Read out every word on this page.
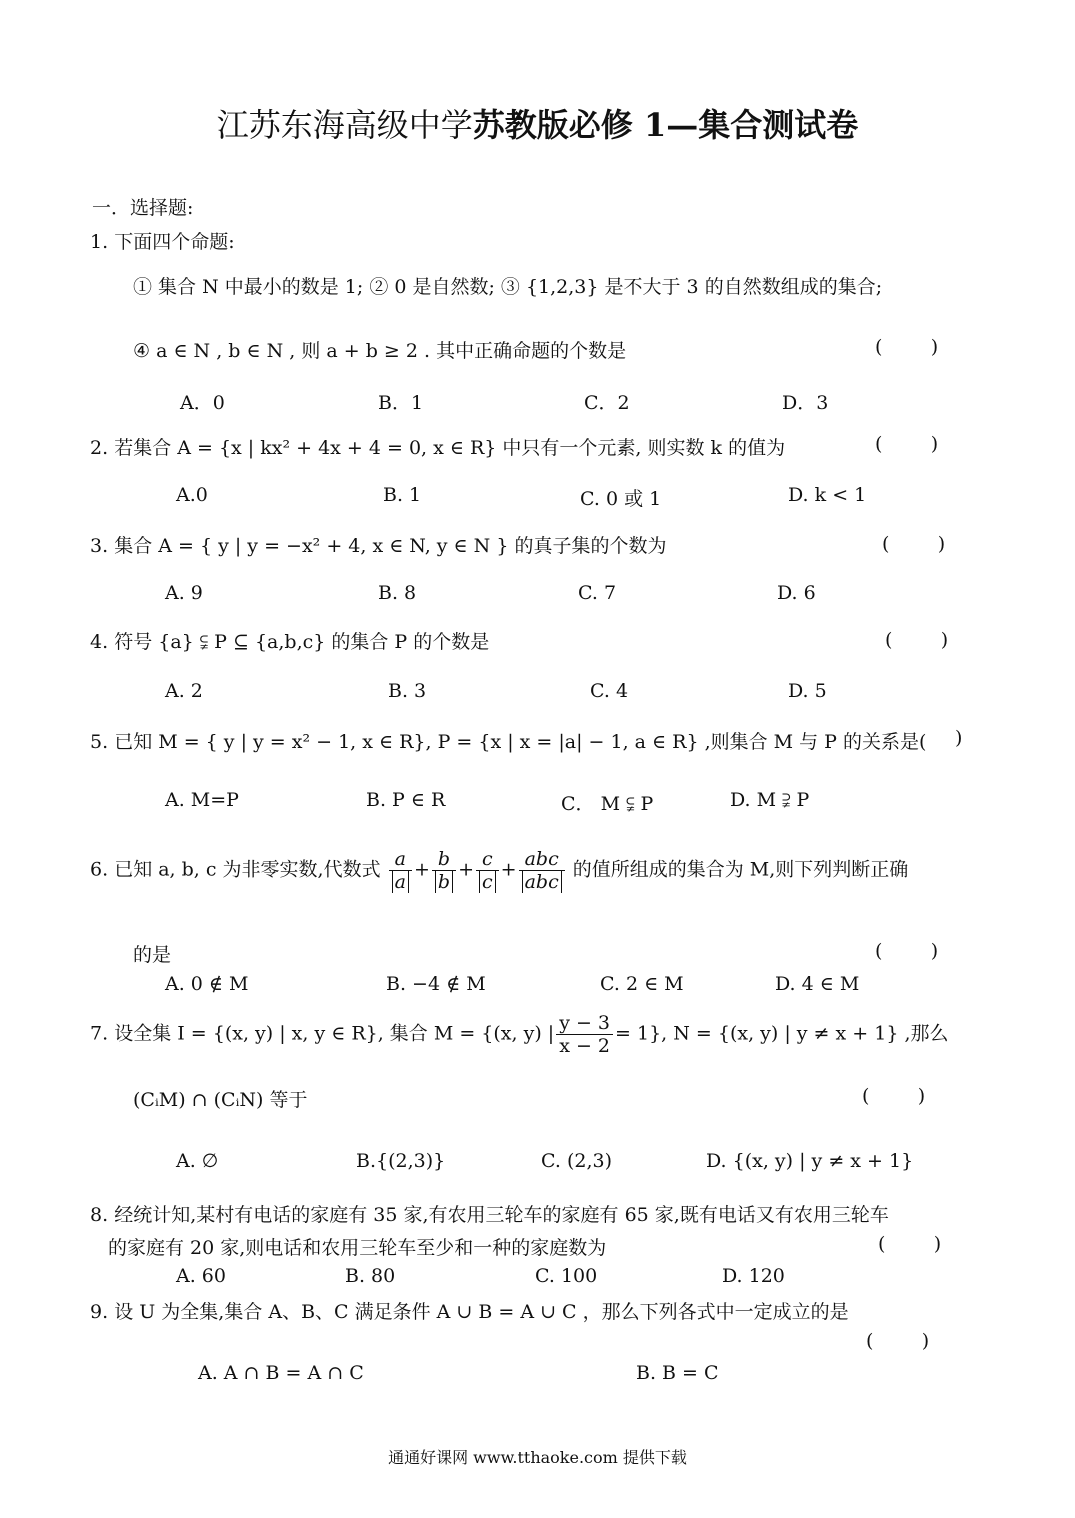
江苏东海高级中学苏教版必修 1—集合测试卷
一．选择题:
1. 下面四个命题:
① 集合 N 中最小的数是 1; ② 0 是自然数; ③ {1,2,3} 是不大于 3 的自然数组成的集合;
④ a ∈ N , b ∈ N , 则 a + b ≥ 2 . 其中正确命题的个数是	(        )
A．0	B．1	C．2	D．3
2. 若集合 A = {x | kx² + 4x + 4 = 0, x ∈ R} 中只有一个元素, 则实数 k 的值为	(        )
A.0	B. 1	C. 0 或 1	D. k < 1
3. 集合 A = { y | y = −x² + 4, x ∈ N, y ∈ N } 的真子集的个数为	(        )
A. 9	B. 8	C. 7	D. 6
4. 符号 {a} ⫋ P ⊆ {a,b,c} 的集合 P 的个数是	(        )
A. 2	B. 3	C. 4	D. 5
5. 已知 M = { y | y = x² − 1, x ∈ R}, P = {x | x = |a| − 1, a ∈ R} ,则集合 M 与 P 的关系是( )
A. M=P	B. P ∈ R	C． M ⫋ P	D. M ⫌ P
6. 已知 a, b, c 为非零实数,代数式 $\frac{a}{a} + \frac{b}{b} + \frac{c}{c} + \frac{\text{abc}}{\text{abc}}$ 的值所组成的集合为 M,则下列判断正确
的是	(        )
A. 0 ∉ M	B. −4 ∉ M	C. 2 ∈ M	D. 4 ∈ M
7. 设全集 I = {(x, y) | x, y ∈ R}, 集合 M = {(x, y) | $\frac{y - 3}{x - 2} = 1$}, N = {(x, y) | y ≠ x + 1} ,那么
(CᵢM) ∩ (CᵢN) 等于	(        )
A. ∅	B.{(2,3)}	C. (2,3)	D. {(x, y) | y ≠ x + 1}
8. 经统计知,某村有电话的家庭有 35 家,有农用三轮车的家庭有 65 家,既有电话又有农用三轮车
的家庭有 20 家,则电话和农用三轮车至少和一种的家庭数为	(        )
A. 60	B. 80	C. 100	D. 120
9. 设 U 为全集,集合 A、B、C 满足条件 A ∪ B = A ∪ C ，那么下列各式中一定成立的是
(        )
A. A ∩ B = A ∩ C	B. B = C
通通好课网 www.tthaoke.com 提供下载
